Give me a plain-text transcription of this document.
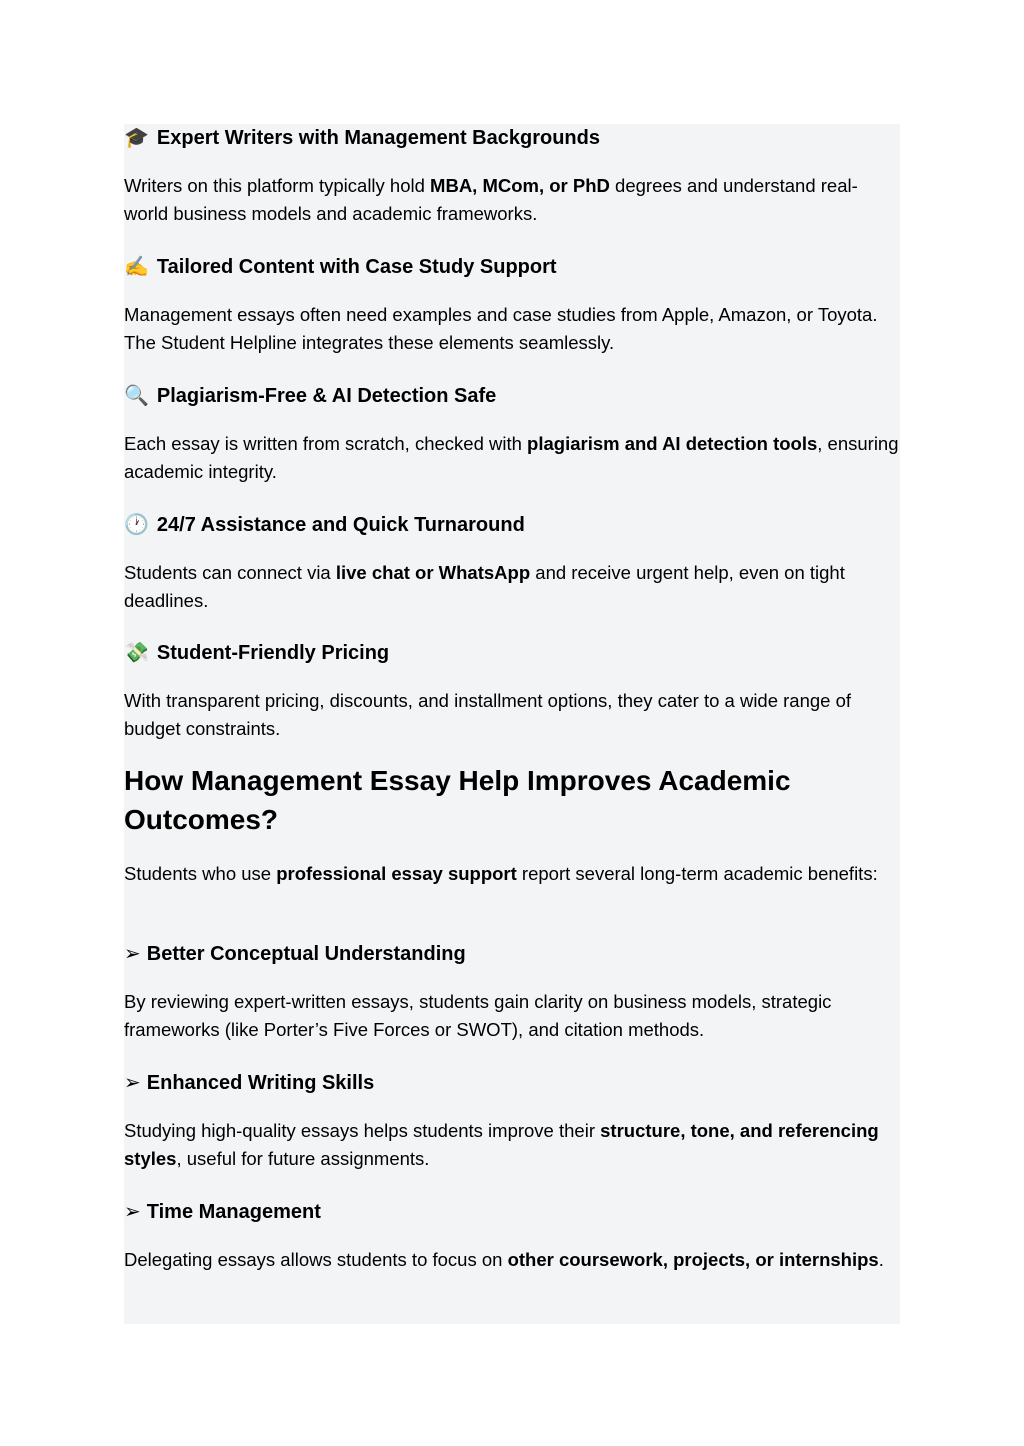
🎓 Expert Writers with Management Backgrounds

Writers on this platform typically hold MBA, MCom, or PhD degrees and understand real-world business models and academic frameworks.

✍️ Tailored Content with Case Study Support

Management essays often need examples and case studies from Apple, Amazon, or Toyota. The Student Helpline integrates these elements seamlessly.

🔍 Plagiarism-Free & AI Detection Safe

Each essay is written from scratch, checked with plagiarism and AI detection tools, ensuring academic integrity.

🕐 24/7 Assistance and Quick Turnaround

Students can connect via live chat or WhatsApp and receive urgent help, even on tight deadlines.

💸 Student-Friendly Pricing

With transparent pricing, discounts, and installment options, they cater to a wide range of budget constraints.

How Management Essay Help Improves Academic Outcomes?

Students who use professional essay support report several long-term academic benefits:

➢ Better Conceptual Understanding

By reviewing expert-written essays, students gain clarity on business models, strategic frameworks (like Porter’s Five Forces or SWOT), and citation methods.

➢ Enhanced Writing Skills

Studying high-quality essays helps students improve their structure, tone, and referencing styles, useful for future assignments.

➢ Time Management

Delegating essays allows students to focus on other coursework, projects, or internships.
